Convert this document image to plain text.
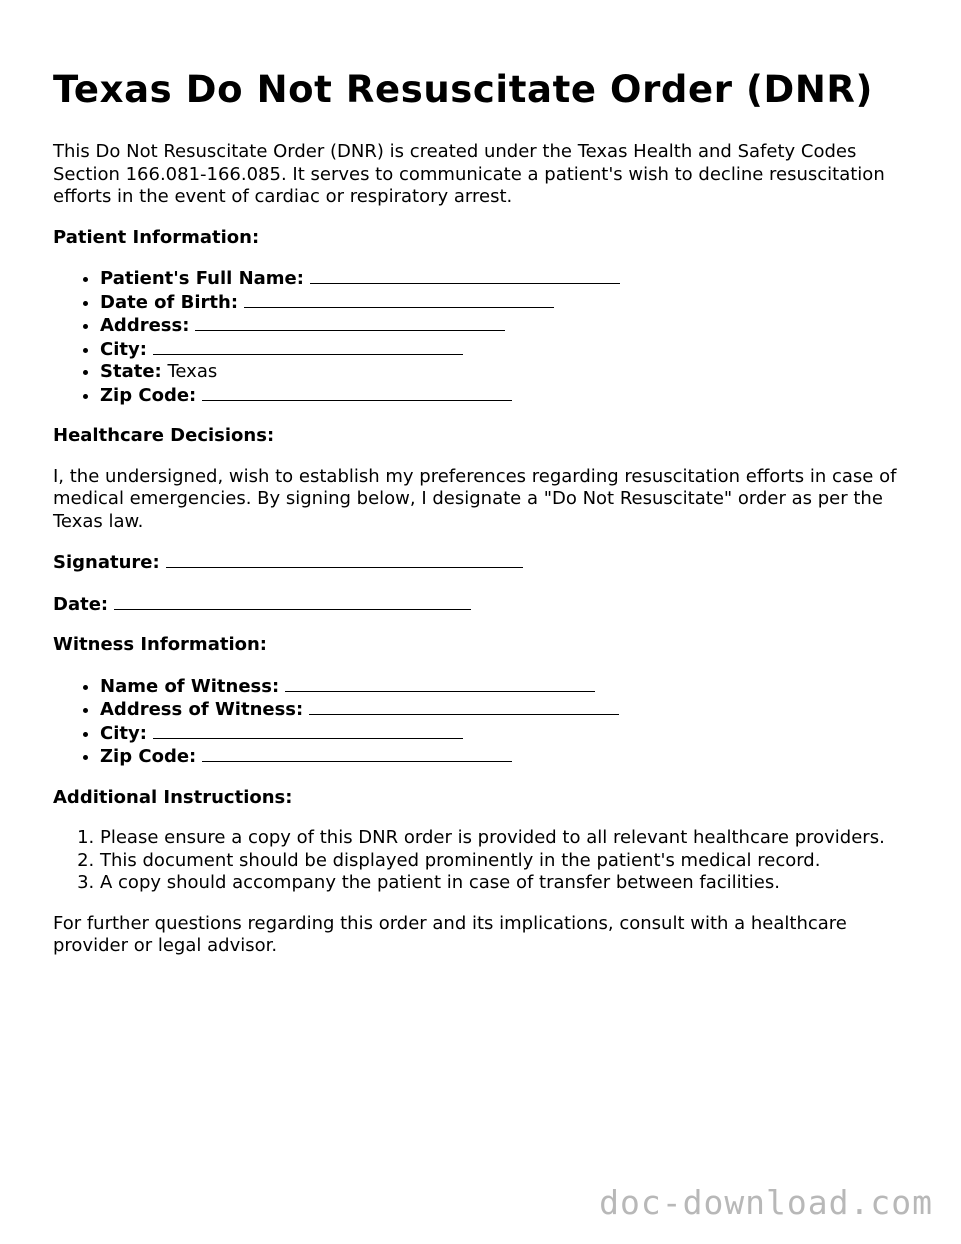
Texas Do Not Resuscitate Order (DNR)

This Do Not Resuscitate Order (DNR) is created under the Texas Health and Safety Codes Section 166.081-166.085. It serves to communicate a patient's wish to decline resuscitation efforts in the event of cardiac or respiratory arrest.

Patient Information:

• Patient's Full Name:
• Date of Birth:
• Address:
• City:
• State: Texas
• Zip Code:

Healthcare Decisions:

I, the undersigned, wish to establish my preferences regarding resuscitation efforts in case of medical emergencies. By signing below, I designate a "Do Not Resuscitate" order as per the Texas law.

Signature:

Date:

Witness Information:

• Name of Witness:
• Address of Witness:
• City:
• Zip Code:

Additional Instructions:

1. Please ensure a copy of this DNR order is provided to all relevant healthcare providers.
2. This document should be displayed prominently in the patient's medical record.
3. A copy should accompany the patient in case of transfer between facilities.

For further questions regarding this order and its implications, consult with a healthcare provider or legal advisor.

doc-download.com
